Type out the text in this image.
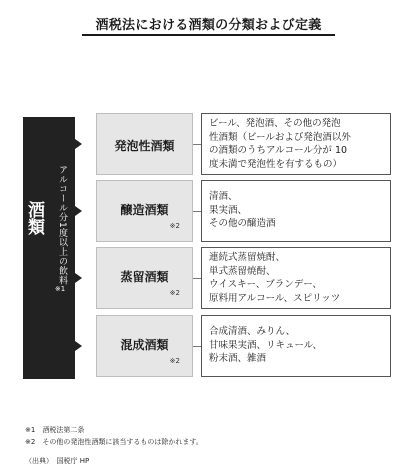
酒税法における酒類の分類および定義
酒類	アルコール分1度以上の飲料
※1
発泡性酒類
ビール、発泡酒、その他の発泡
性酒類（ビールおよび発泡酒以外
の酒類のうちアルコール分が 10
度未満で発泡性を有するもの）
醸造酒類
※2
清酒、
果実酒、
その他の醸造酒
蒸留酒類
※2
連続式蒸留焼酎、
単式蒸留焼酎、
ウイスキー、ブランデー、
原料用アルコール、スピリッツ
混成酒類
※2
合成清酒、みりん、
甘味果実酒、リキュール、
粉末酒、雑酒
※1　酒税法第二条
※2　その他の発泡性酒類に該当するものは除かれます。
（出典）　国税庁 HP
